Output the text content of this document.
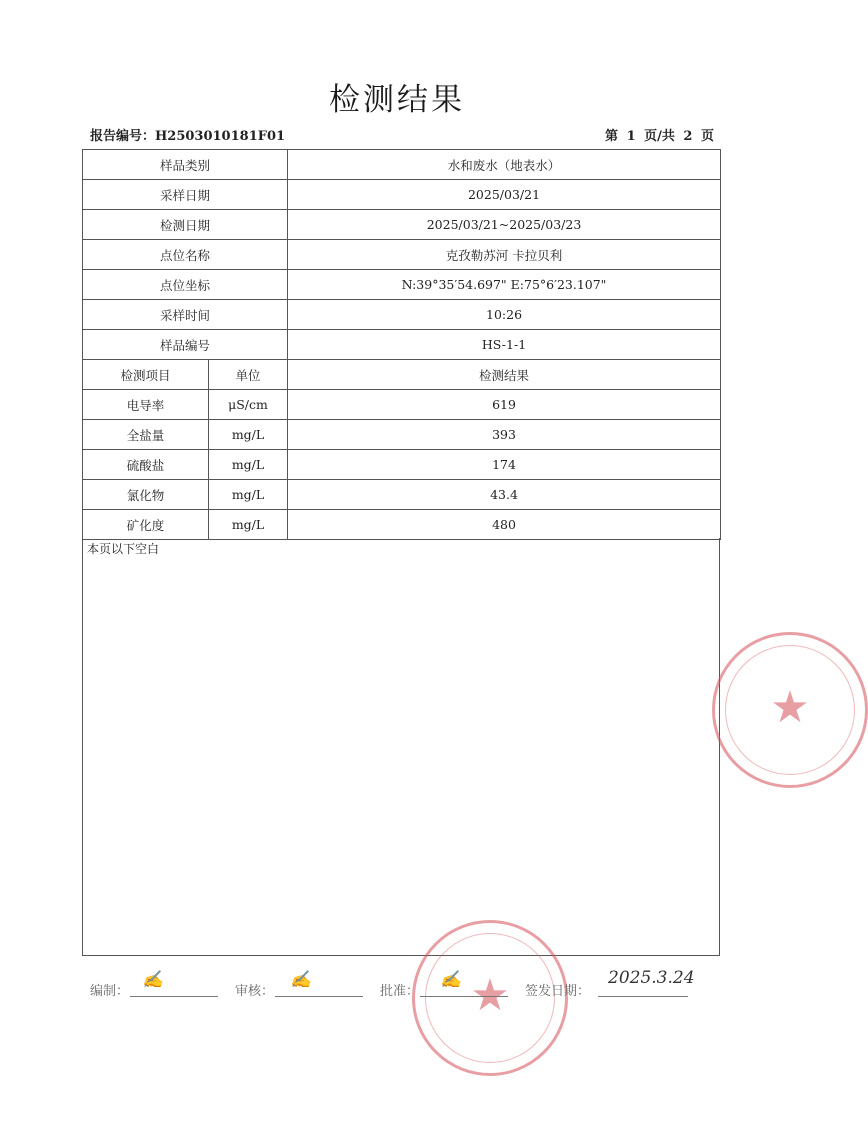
检测结果
报告编号：H2503010181F01	第 1 页/共 2 页
样品类别		水和废水（地表水）
采样日期		2025/03/21
检测日期		2025/03/21~2025/03/23
点位名称		克孜勒苏河 卡拉贝利
点位坐标		N:39°35′54.697" E:75°6′23.107"
采样时间		10:26
样品编号		HS-1-1
检测项目	单位	检测结果
电导率	μS/cm	619
全盐量	mg/L	393
硫酸盐	mg/L	174
氯化物	mg/L	43.4
矿化度	mg/L	480
本页以下空白
★
★
编制：
✍
审核：
✍
批准：
✍
签发日期：
2025.3.24
